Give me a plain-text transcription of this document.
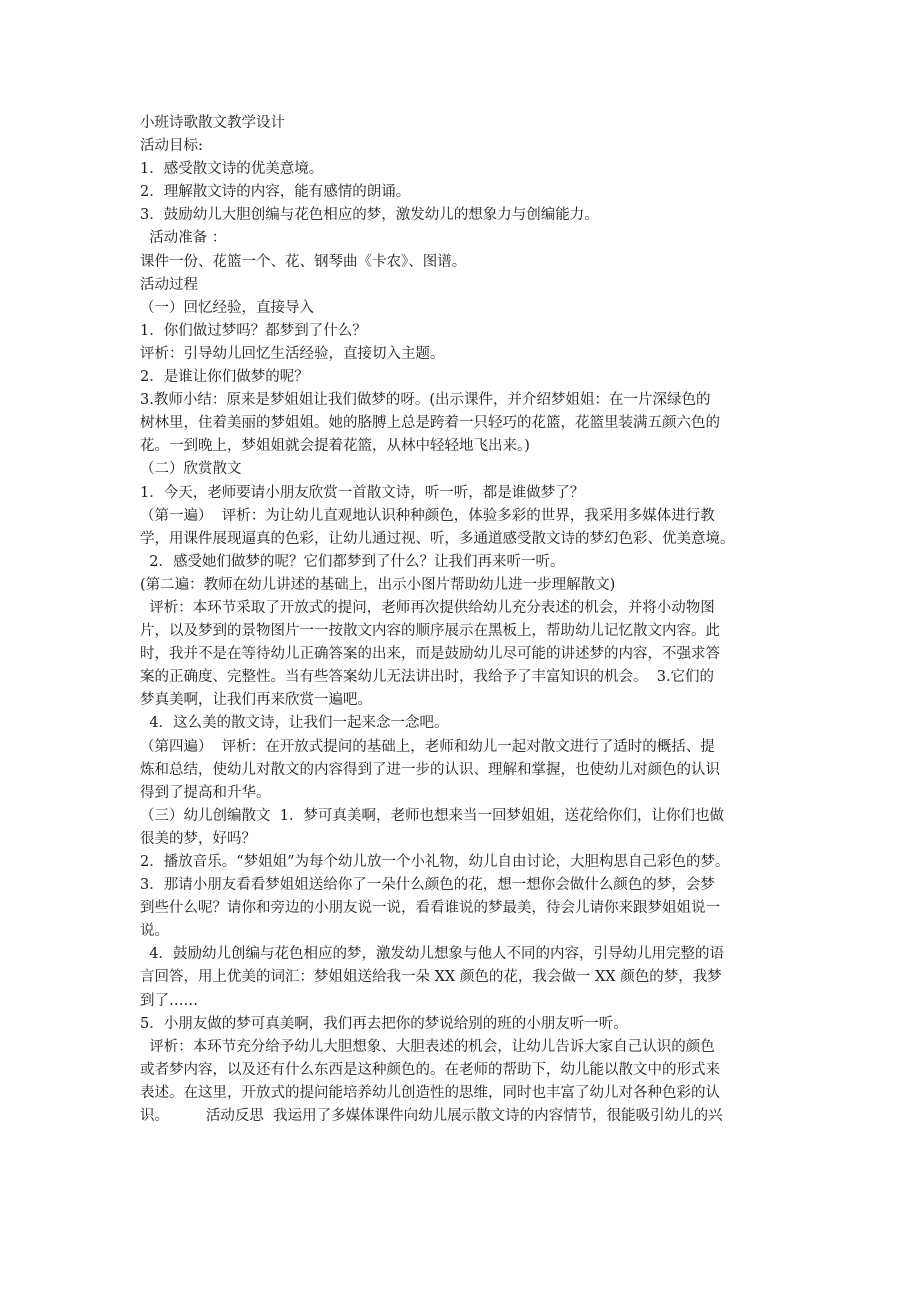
小班诗歌散文教学设计
活动目标:
1．感受散文诗的优美意境。
2．理解散文诗的内容，能有感情的朗诵。
3．鼓励幼儿大胆创编与花色相应的梦，激发幼儿的想象力与创编能力。
活动准备 ：
课件一份、花篮一个、花、钢琴曲《卡农》、图谱。
活动过程
（一）回忆经验，直接导入
1．你们做过梦吗？都梦到了什么？
评析：引导幼儿回忆生活经验，直接切入主题。
2．是谁让你们做梦的呢？
3.教师小结：原来是梦姐姐让我们做梦的呀。(出示课件，并介绍梦姐姐：在一片深绿色的
树林里，住着美丽的梦姐姐。她的胳膊上总是跨着一只轻巧的花篮，花篮里装满五颜六色的
花。一到晚上，梦姐姐就会提着花篮，从林中轻轻地飞出来。)
（二）欣赏散文
1．今天，老师要请小朋友欣赏一首散文诗，听一听，都是谁做梦了？
（第一遍）  评析：为让幼儿直观地认识种种颜色，体验多彩的世界，我采用多媒体进行教
学，用课件展现逼真的色彩，让幼儿通过视、听，多通道感受散文诗的梦幻色彩、优美意境。
2．感受她们做梦的呢？它们都梦到了什么？让我们再来听一听。
(第二遍：教师在幼儿讲述的基础上，出示小图片帮助幼儿进一步理解散文)
评析：本环节采取了开放式的提问，老师再次提供给幼儿充分表述的机会，并将小动物图
片，以及梦到的景物图片一一按散文内容的顺序展示在黑板上，帮助幼儿记忆散文内容。此
时，我并不是在等待幼儿正确答案的出来，而是鼓励幼儿尽可能的讲述梦的内容，不强求答
案的正确度、完整性。当有些答案幼儿无法讲出时，我给予了丰富知识的机会。  3.它们的
梦真美啊，让我们再来欣赏一遍吧。
4．这么美的散文诗，让我们一起来念一念吧。
（第四遍）  评析：在开放式提问的基础上，老师和幼儿一起对散文进行了适时的概括、提
炼和总结，使幼儿对散文的内容得到了进一步的认识、理解和掌握，也使幼儿对颜色的认识
得到了提高和升华。
（三）幼儿创编散文  1．梦可真美啊，老师也想来当一回梦姐姐，送花给你们，让你们也做
很美的梦，好吗？
2．播放音乐。“梦姐姐”为每个幼儿放一个小礼物，幼儿自由讨论，大胆构思自己彩色的梦。
3．那请小朋友看看梦姐姐送给你了一朵什么颜色的花，想一想你会做什么颜色的梦，会梦
到些什么呢？请你和旁边的小朋友说一说，看看谁说的梦最美，待会儿请你来跟梦姐姐说一
说。
4．鼓励幼儿创编与花色相应的梦，激发幼儿想象与他人不同的内容，引导幼儿用完整的语
言回答，用上优美的词汇：梦姐姐送给我一朵 XX 颜色的花，我会做一 XX 颜色的梦，我梦
到了……
5．小朋友做的梦可真美啊，我们再去把你的梦说给别的班的小朋友听一听。
评析：本环节充分给予幼儿大胆想象、大胆表述的机会，让幼儿告诉大家自己认识的颜色
或者梦内容，以及还有什么东西是这种颜色的。在老师的帮助下，幼儿能以散文中的形式来
表述。在这里，开放式的提问能培养幼儿创造性的思维，同时也丰富了幼儿对各种色彩的认
识。        活动反思  我运用了多媒体课件向幼儿展示散文诗的内容情节，很能吸引幼儿的兴
